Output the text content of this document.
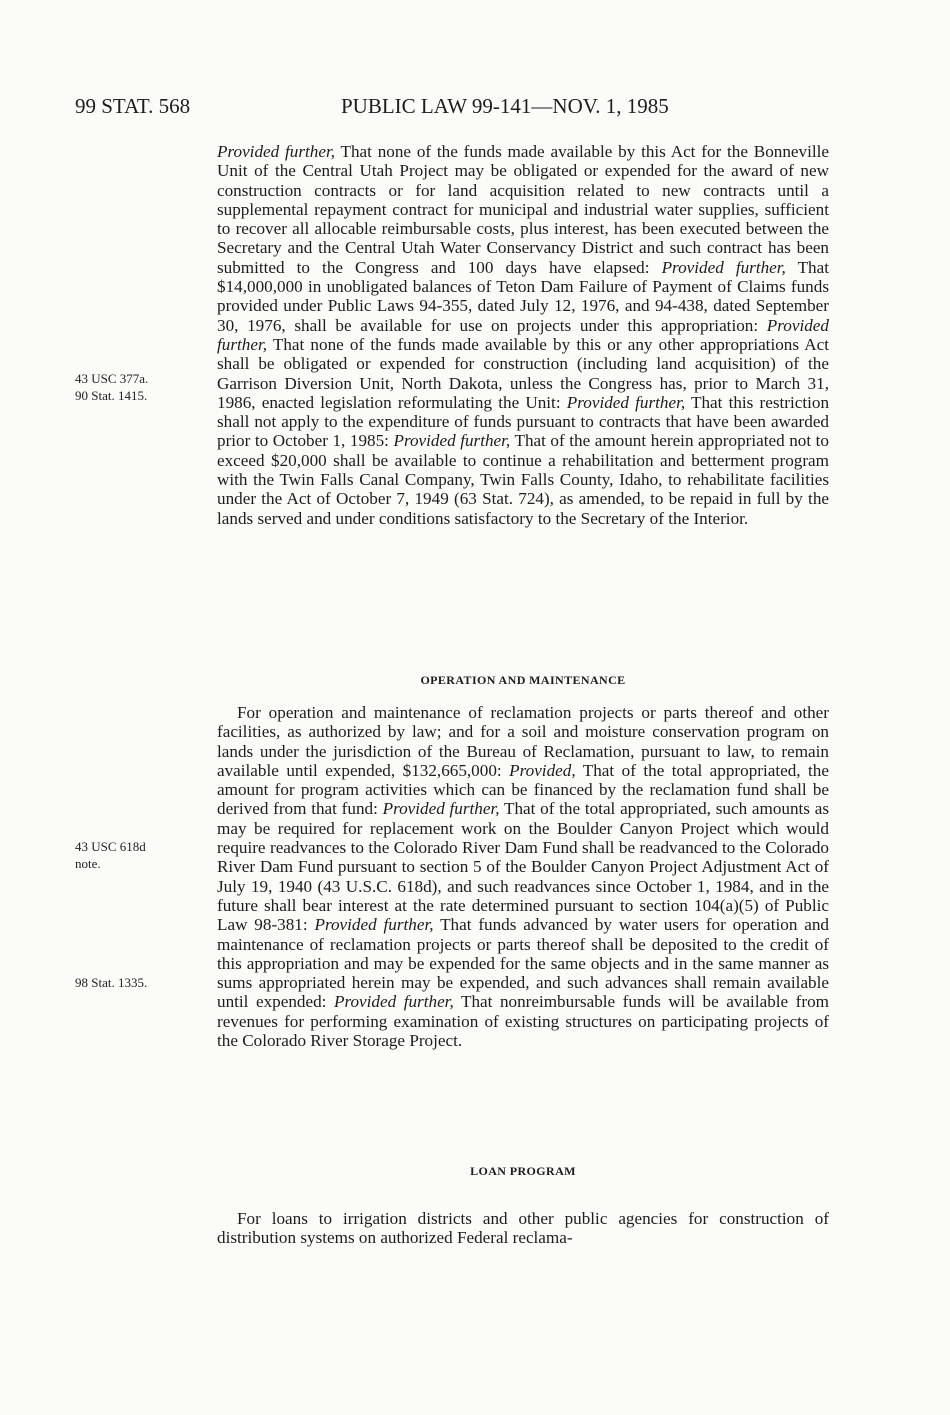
99 STAT. 568	PUBLIC LAW 99-141—NOV. 1, 1985
43 USC 377a.
90 Stat. 1415.
43 USC 618d
note.
98 Stat. 1335.
Provided further, That none of the funds made available by this Act for the Bonneville Unit of the Central Utah Project may be obligated or expended for the award of new construction contracts or for land acquisition related to new contracts until a supplemental repayment contract for municipal and industrial water supplies, sufficient to recover all allocable reimbursable costs, plus interest, has been executed between the Secretary and the Central Utah Water Conservancy District and such contract has been submitted to the Congress and 100 days have elapsed: Provided further, That $14,000,000 in unobligated balances of Teton Dam Failure of Payment of Claims funds provided under Public Laws 94-355, dated July 12, 1976, and 94-438, dated September 30, 1976, shall be available for use on projects under this appropriation: Provided further, That none of the funds made available by this or any other appropriations Act shall be obligated or expended for construction (including land acquisition) of the Garrison Diversion Unit, North Dakota, unless the Congress has, prior to March 31, 1986, enacted legislation reformulating the Unit: Provided further, That this restriction shall not apply to the expenditure of funds pursuant to contracts that have been awarded prior to October 1, 1985: Provided further, That of the amount herein appropriated not to exceed $20,000 shall be available to continue a rehabilitation and betterment program with the Twin Falls Canal Company, Twin Falls County, Idaho, to rehabilitate facilities under the Act of October 7, 1949 (63 Stat. 724), as amended, to be repaid in full by the lands served and under conditions satisfactory to the Secretary of the Interior.
OPERATION AND MAINTENANCE
For operation and maintenance of reclamation projects or parts thereof and other facilities, as authorized by law; and for a soil and moisture conservation program on lands under the jurisdiction of the Bureau of Reclamation, pursuant to law, to remain available until expended, $132,665,000: Provided, That of the total appropriated, the amount for program activities which can be financed by the reclamation fund shall be derived from that fund: Provided further, That of the total appropriated, such amounts as may be required for replacement work on the Boulder Canyon Project which would require readvances to the Colorado River Dam Fund shall be readvanced to the Colorado River Dam Fund pursuant to section 5 of the Boulder Canyon Project Adjustment Act of July 19, 1940 (43 U.S.C. 618d), and such readvances since October 1, 1984, and in the future shall bear interest at the rate determined pursuant to section 104(a)(5) of Public Law 98-381: Provided further, That funds advanced by water users for operation and maintenance of reclamation projects or parts thereof shall be deposited to the credit of this appropriation and may be expended for the same objects and in the same manner as sums appropriated herein may be expended, and such advances shall remain available until expended: Provided further, That nonreimbursable funds will be available from revenues for performing examination of existing structures on participating projects of the Colorado River Storage Project.
LOAN PROGRAM
For loans to irrigation districts and other public agencies for construction of distribution systems on authorized Federal reclama-
